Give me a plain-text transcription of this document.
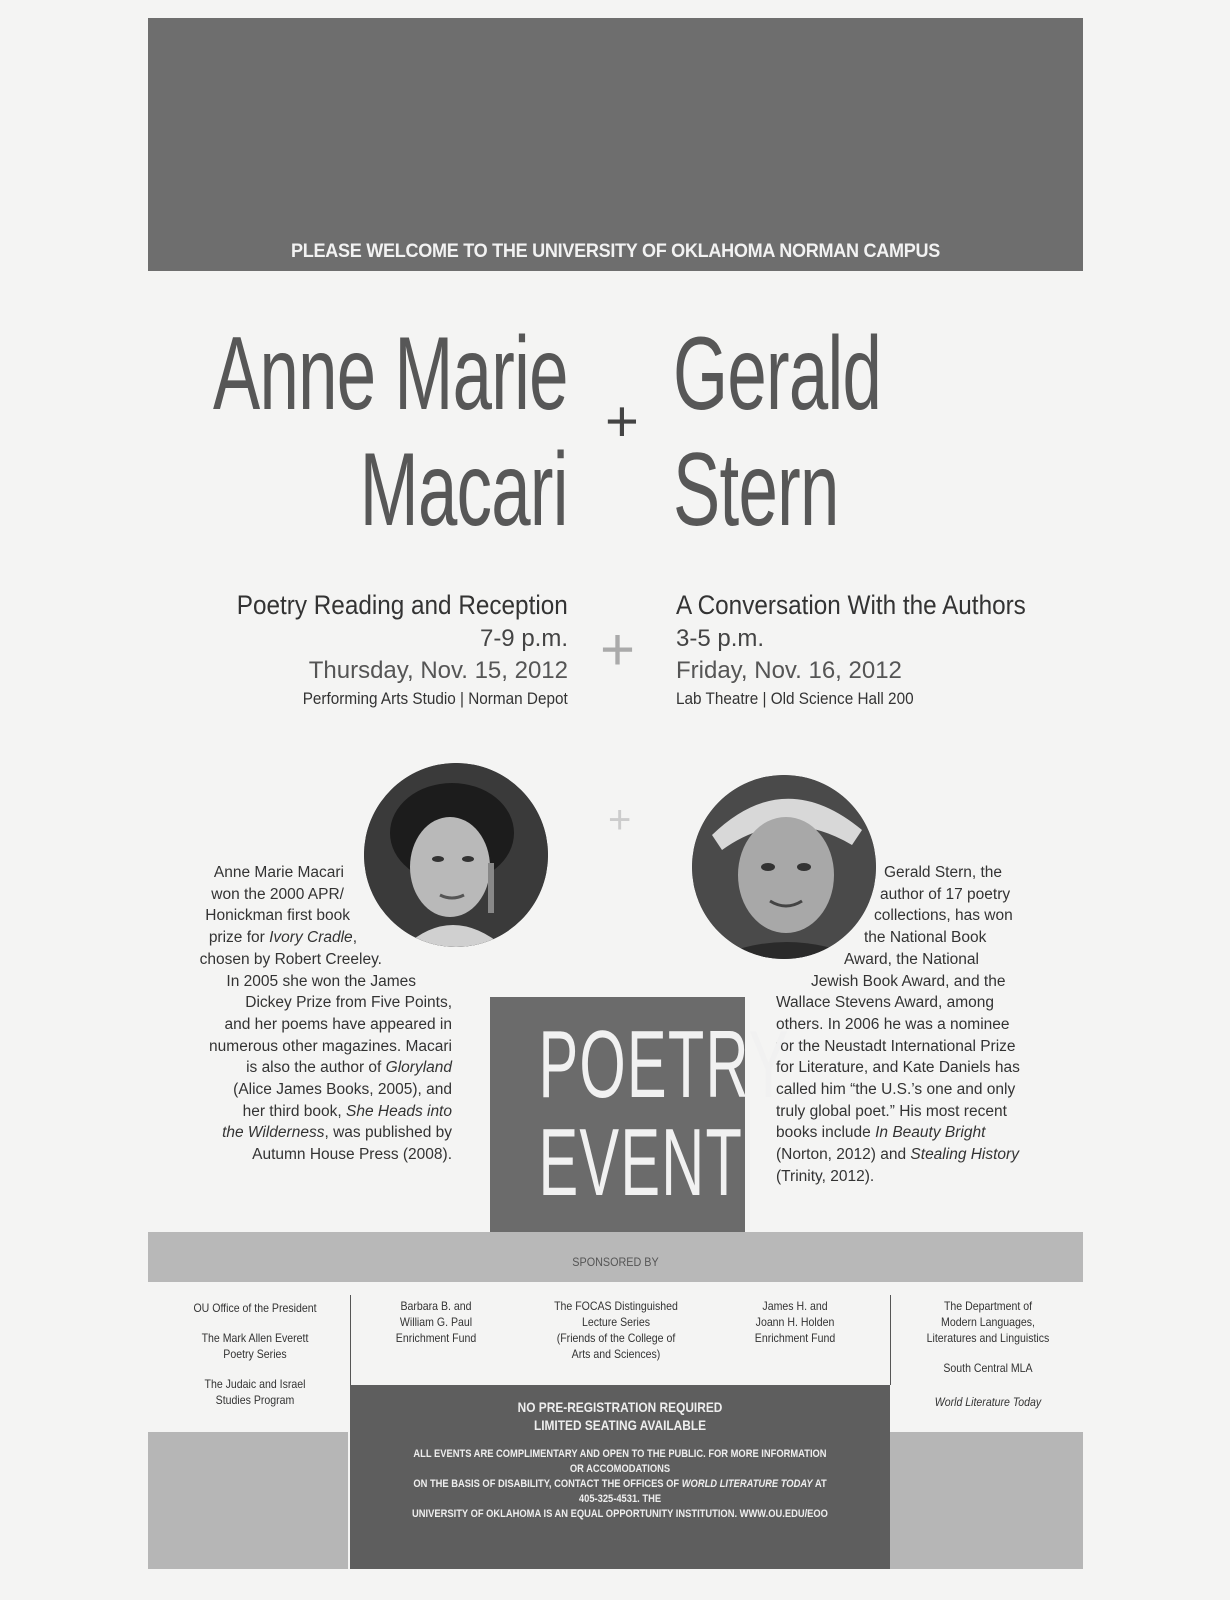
PLEASE WELCOME TO THE UNIVERSITY OF OKLAHOMA NORMAN CAMPUS
Anne Marie
Macari
+ Gerald
Stern
Poetry Reading and Reception
7-9 p.m.
Thursday, Nov. 15, 2012
Performing Arts Studio | Norman Depot
+
A Conversation With the Authors
3-5 p.m.
Friday, Nov. 16, 2012
Lab Theatre | Old Science Hall 200
+
Anne Marie Macari
won the 2000 APR/
Honickman first book
prize for Ivory Cradle,
chosen by Robert Creeley.
In 2005 she won the James
Dickey Prize from Five Points,
and her poems have appeared in
numerous other magazines. Macari
is also the author of Gloryland
(Alice James Books, 2005), and
her third book, She Heads into
the Wilderness, was published by
Autumn House Press (2008).
Gerald Stern, the
author of 17 poetry
collections, has won
the National Book
Award, the National
Jewish Book Award, and the
Wallace Stevens Award, among
others. In 2006 he was a nominee
for the Neustadt International Prize
for Literature, and Kate Daniels has
called him “the U.S.’s one and only
truly global poet.” His most recent
books include In Beauty Bright
(Norton, 2012) and Stealing History
(Trinity, 2012).
POETRY
EVENT
SPONSORED BY
OU Office of the President
The Mark Allen Everett
Poetry Series
The Judaic and Israel
Studies Program
Barbara B. and
William G. Paul
Enrichment Fund
The FOCAS Distinguished
Lecture Series
(Friends of the College of
Arts and Sciences)
James H. and
Joann H. Holden
Enrichment Fund
The Department of
Modern Languages,
Literatures and Linguistics
South Central MLA
World Literature Today
NO PRE-REGISTRATION REQUIRED
LIMITED SEATING AVAILABLE
ALL EVENTS ARE COMPLIMENTARY AND OPEN TO THE PUBLIC. FOR MORE INFORMATION OR ACCOMODATIONS
ON THE BASIS OF DISABILITY, CONTACT THE OFFICES OF WORLD LITERATURE TODAY AT 405-325-4531. THE
UNIVERSITY OF OKLAHOMA IS AN EQUAL OPPORTUNITY INSTITUTION. WWW.OU.EDU/EOO
